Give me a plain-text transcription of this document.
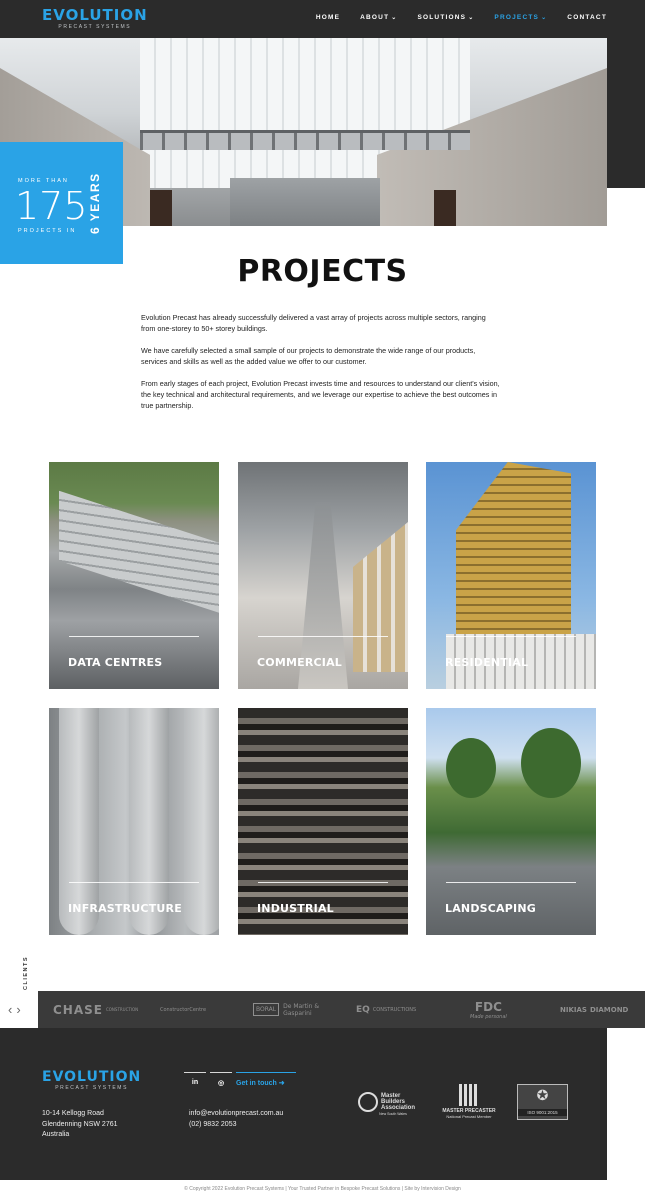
EVOLUTION
PRECAST SYSTEMS
HOME	ABOUT ⌄	SOLUTIONS ⌄	PROJECTS ⌄	CONTACT
MORE THAN
175
PROJECTS IN 6 YEARS
PROJECTS

Evolution Precast has already successfully delivered a vast array of projects across multiple sectors, ranging from one-storey to 50+ storey buildings.

We have carefully selected a small sample of our projects to demonstrate the wide range of our products, services and skills as well as the added value we offer to our customer.

From early stages of each project, Evolution Precast invests time and resources to understand our client’s vision, the key technical and architectural requirements, and we leverage our expertise to achieve the best outcomes in true partnership.

DATA CENTRES	COMMERCIAL	RESIDENTIAL
INFRASTRUCTURE	INDUSTRIAL	LANDSCAPING
CLIENTS
‹› CHASE CONSTRUCTION	ConstructorCentre	BORAL	De Martin & Gasparini	EQ CONSTRUCTIONS	FDC
Made personal
NIKIAS DIAMOND
EVOLUTION
PRECAST SYSTEMS
10-14 Kellogg Road
Glendenning NSW 2761
Australia
in	◎	Get in touch ➜
info@evolutionprecast.com.au
(02) 9832 2053
Master Builders Association
New South Wales	MASTER PRECASTER
National Precast Member
✪
ISO 9001:2015
© Copyright 2022 Evolution Precast Systems | Your Trusted Partner in Bespoke Precast Solutions | Site by Intervision Design
